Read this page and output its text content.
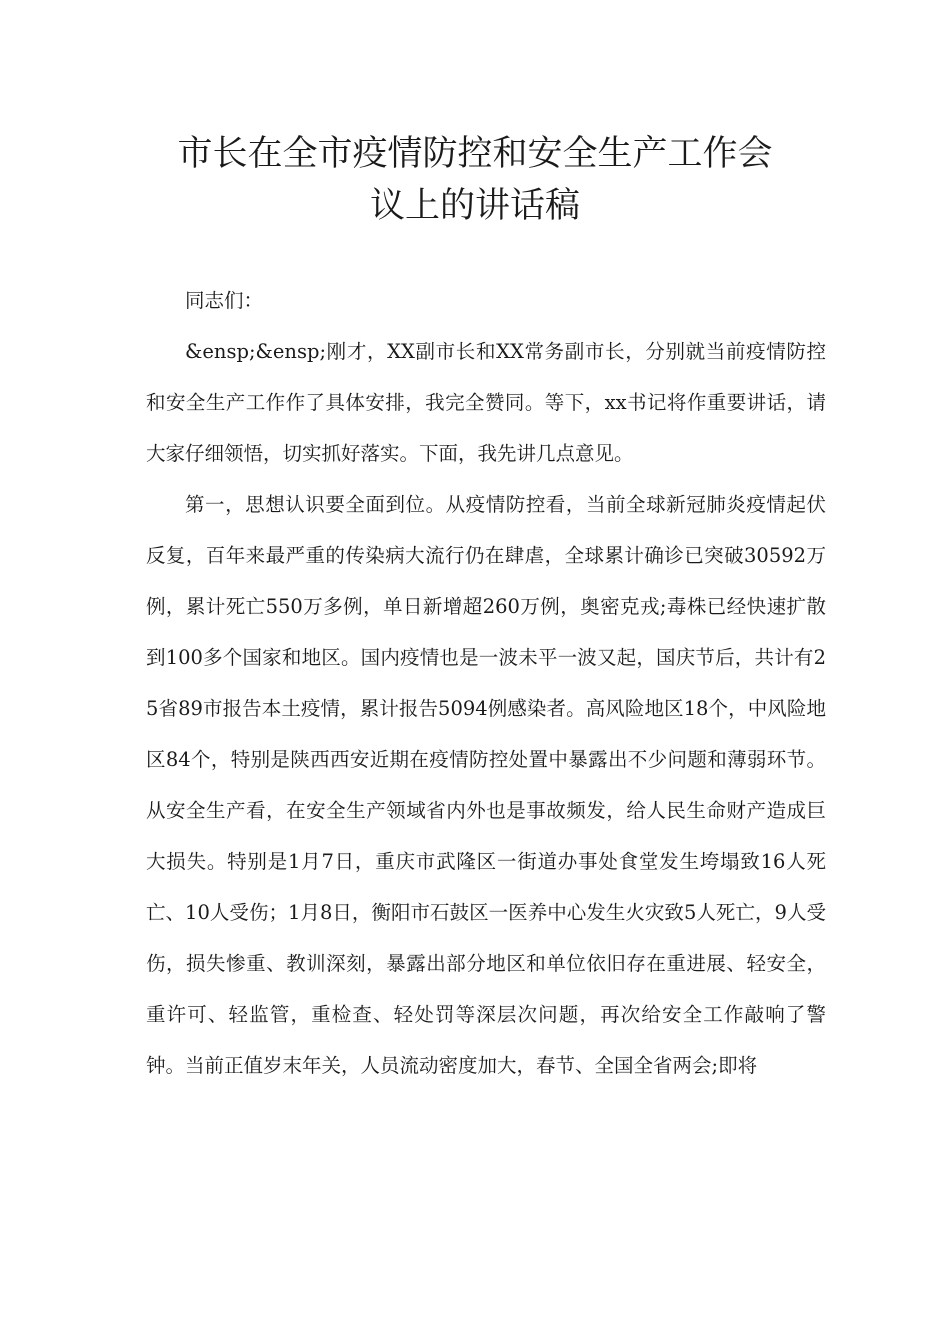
市长在全市疫情防控和安全生产工作会
议上的讲话稿

同志们：

&ensp;&ensp;刚才，XX副市长和XX常务副市长，分别就当前疫情防控和安全生产工作作了具体安排，我完全赞同。等下，xx书记将作重要讲话，请大家仔细领悟，切实抓好落实。下面，我先讲几点意见。

第一，思想认识要全面到位。从疫情防控看，当前全球新冠肺炎疫情起伏反复，百年来最严重的传染病大流行仍在肆虐，全球累计确诊已突破30592万例，累计死亡550万多例，单日新增超260万例，奥密克戎;毒株已经快速扩散到100多个国家和地区。国内疫情也是一波未平一波又起，国庆节后，共计有25省89市报告本土疫情，累计报告5094例感染者。高风险地区18个，中风险地区84个，特别是陕西西安近期在疫情防控处置中暴露出不少问题和薄弱环节。从安全生产看，在安全生产领域省内外也是事故频发，给人民生命财产造成巨大损失。特别是1月7日，重庆市武隆区一街道办事处食堂发生垮塌致16人死亡、10人受伤；1月8日，衡阳市石鼓区一医养中心发生火灾致5人死亡，9人受伤，损失惨重、教训深刻，暴露出部分地区和单位依旧存在重进展、轻安全，重许可、轻监管，重检查、轻处罚等深层次问题，再次给安全工作敲响了警钟。当前正值岁末年关，人员流动密度加大，春节、全国全省两会;即将
